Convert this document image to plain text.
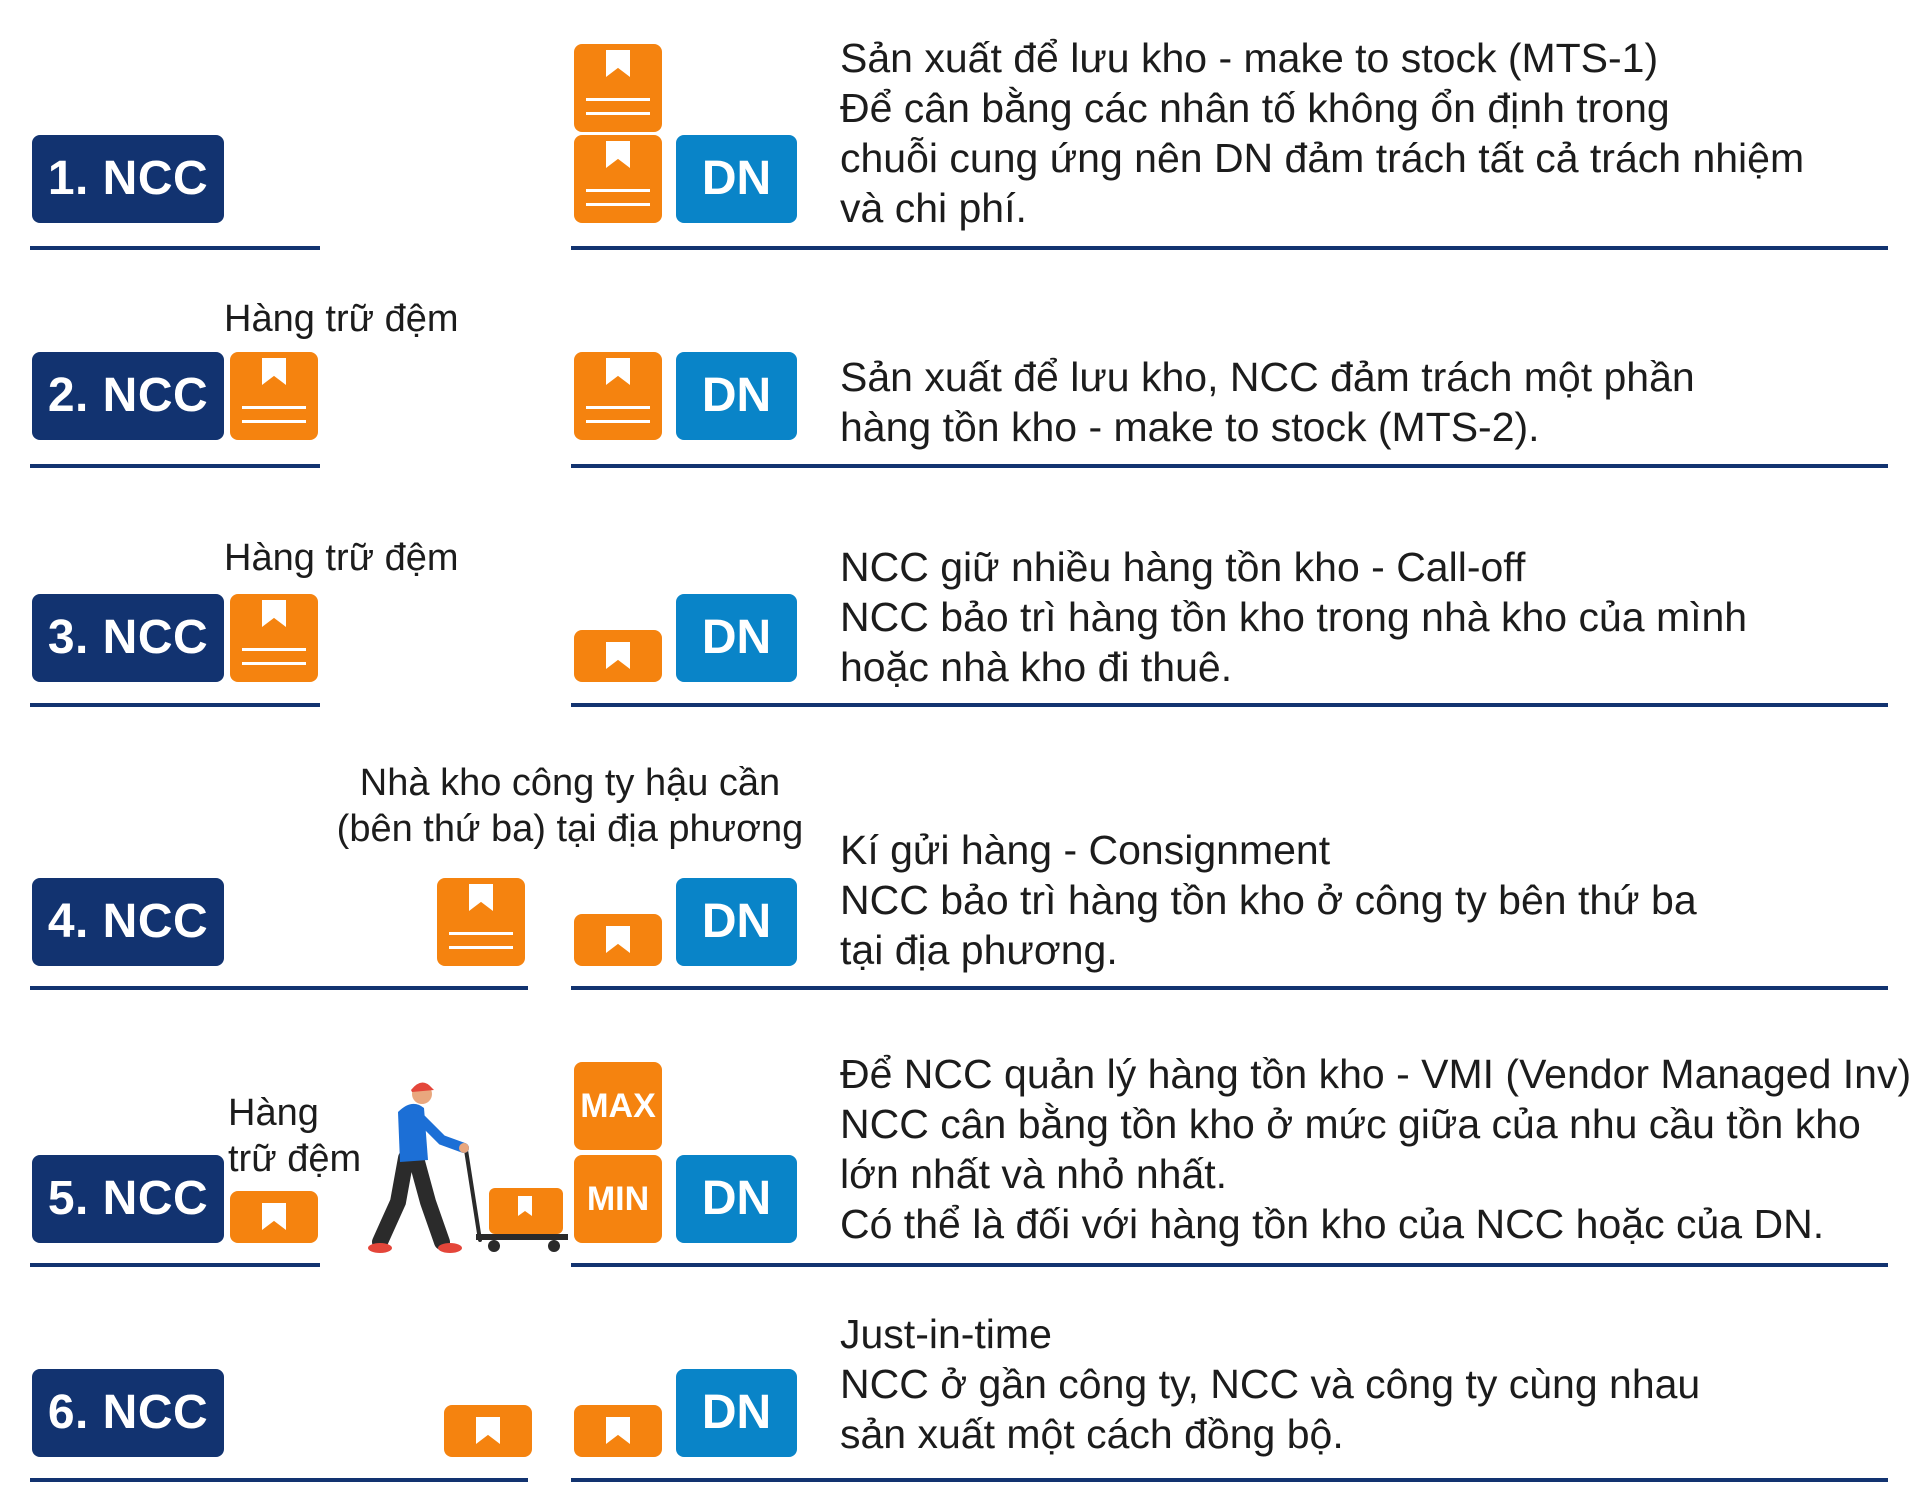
1. NCC	DN
Sản xuất để lưu kho - make to stock (MTS-1)
Để cân bằng các nhân tố không ổn định trong
chuỗi cung ứng nên DN đảm trách tất cả trách nhiệm
và chi phí.
Hàng trữ đệm
2. NCC	DN	Sản xuất để lưu kho, NCC đảm trách một phần
hàng tồn kho - make to stock (MTS-2).
Hàng trữ đệm
3. NCC	DN
NCC giữ nhiều hàng tồn kho - Call-off
NCC bảo trì hàng tồn kho trong nhà kho của mình
hoặc nhà kho đi thuê.
Nhà kho công ty hậu cần
(bên thứ ba) tại địa phương
4. NCC	DN
Kí gửi hàng - Consignment
NCC bảo trì hàng tồn kho ở công ty bên thứ ba
tại địa phương.
Hàng
trữ đệm
5. NCC
MAX
MIN	DN
Để NCC quản lý hàng tồn kho - VMI (Vendor Managed Inv)
NCC cân bằng tồn kho ở mức giữa của nhu cầu tồn kho
lớn nhất và nhỏ nhất.
Có thể là đối với hàng tồn kho của NCC hoặc của DN.
6. NCC	DN
Just-in-time
NCC ở gần công ty, NCC và công ty cùng nhau
sản xuất một cách đồng bộ.
